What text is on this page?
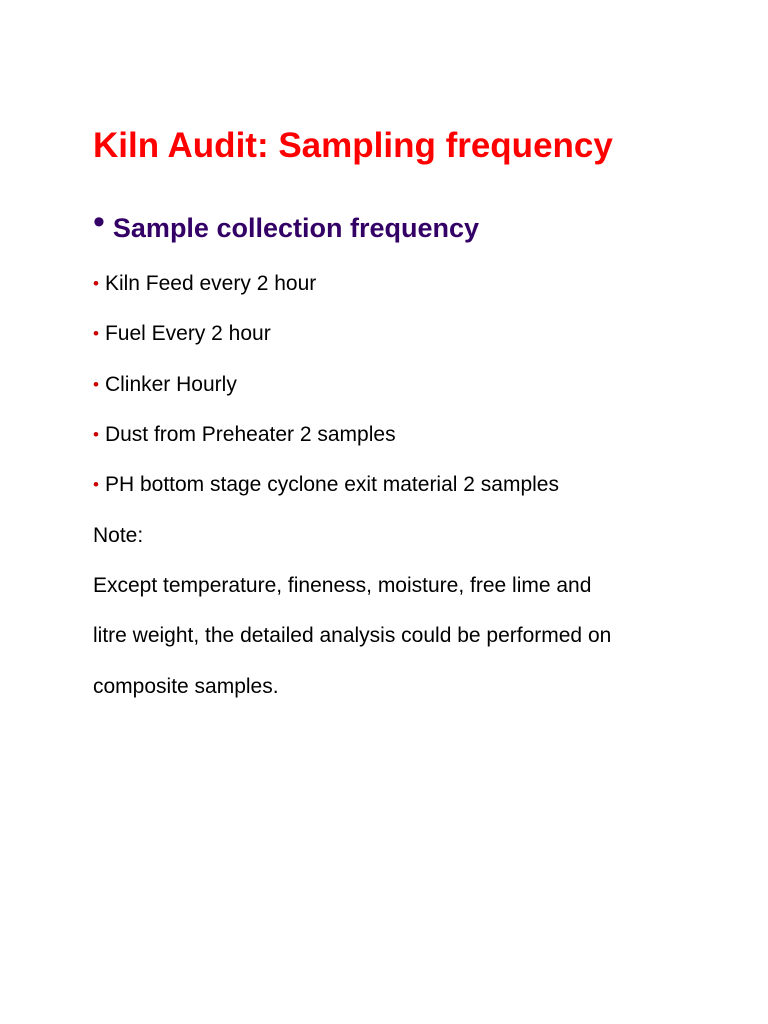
Kiln Audit: Sampling frequency
• Sample collection frequency
• Kiln Feed every 2 hour
• Fuel Every 2 hour
• Clinker Hourly
• Dust from Preheater 2 samples
• PH bottom stage cyclone exit material 2 samples
Note:
Except temperature, fineness, moisture, free lime and
litre weight, the detailed analysis could be performed on
composite samples.
